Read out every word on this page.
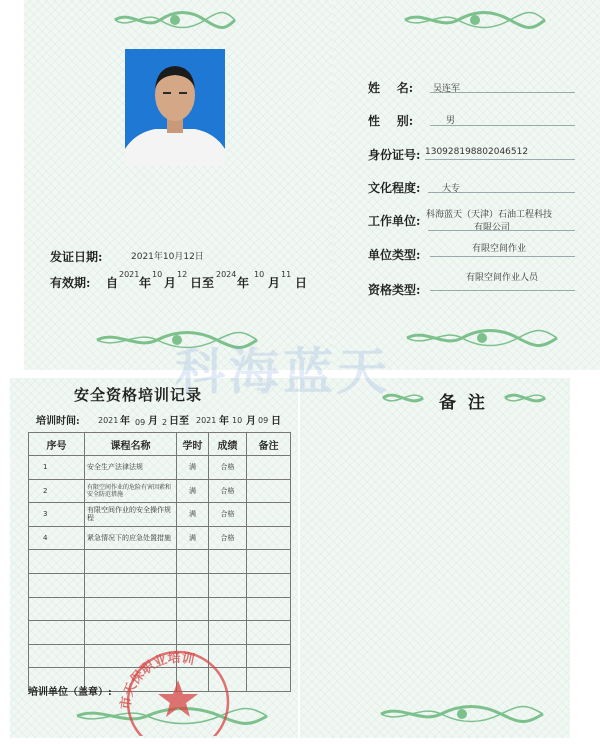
发证日期:	2021年10月12日
有效期: 自
2021
年
10
月
12
日至
2024
年
10
月
11
日
姓    名: 吴连军
性    别:	男
身份证号: 130928198802046512
文化程度: 大专
工作单位: 科海蓝天（天津）石油工程科技
有限公司
单位类型:	有限空间作业
资格类型:
有限空间作业人员
科海蓝天
安全资格培训记录
培训时间: 2021 年 09 月 2 日至 2021 年 10 月 09 日
序号	课程名称	学时	成绩	备注
1	安全生产法律法规	满	合格	
2	有限空间作业的危险有害因素和安全防范措施	满	合格	
3	有限空间作业的安全操作规程	满	合格	
4	紧急情况下的应急处置措施	满	合格	

培训单位（盖章）:
市天保职业培训
备  注
